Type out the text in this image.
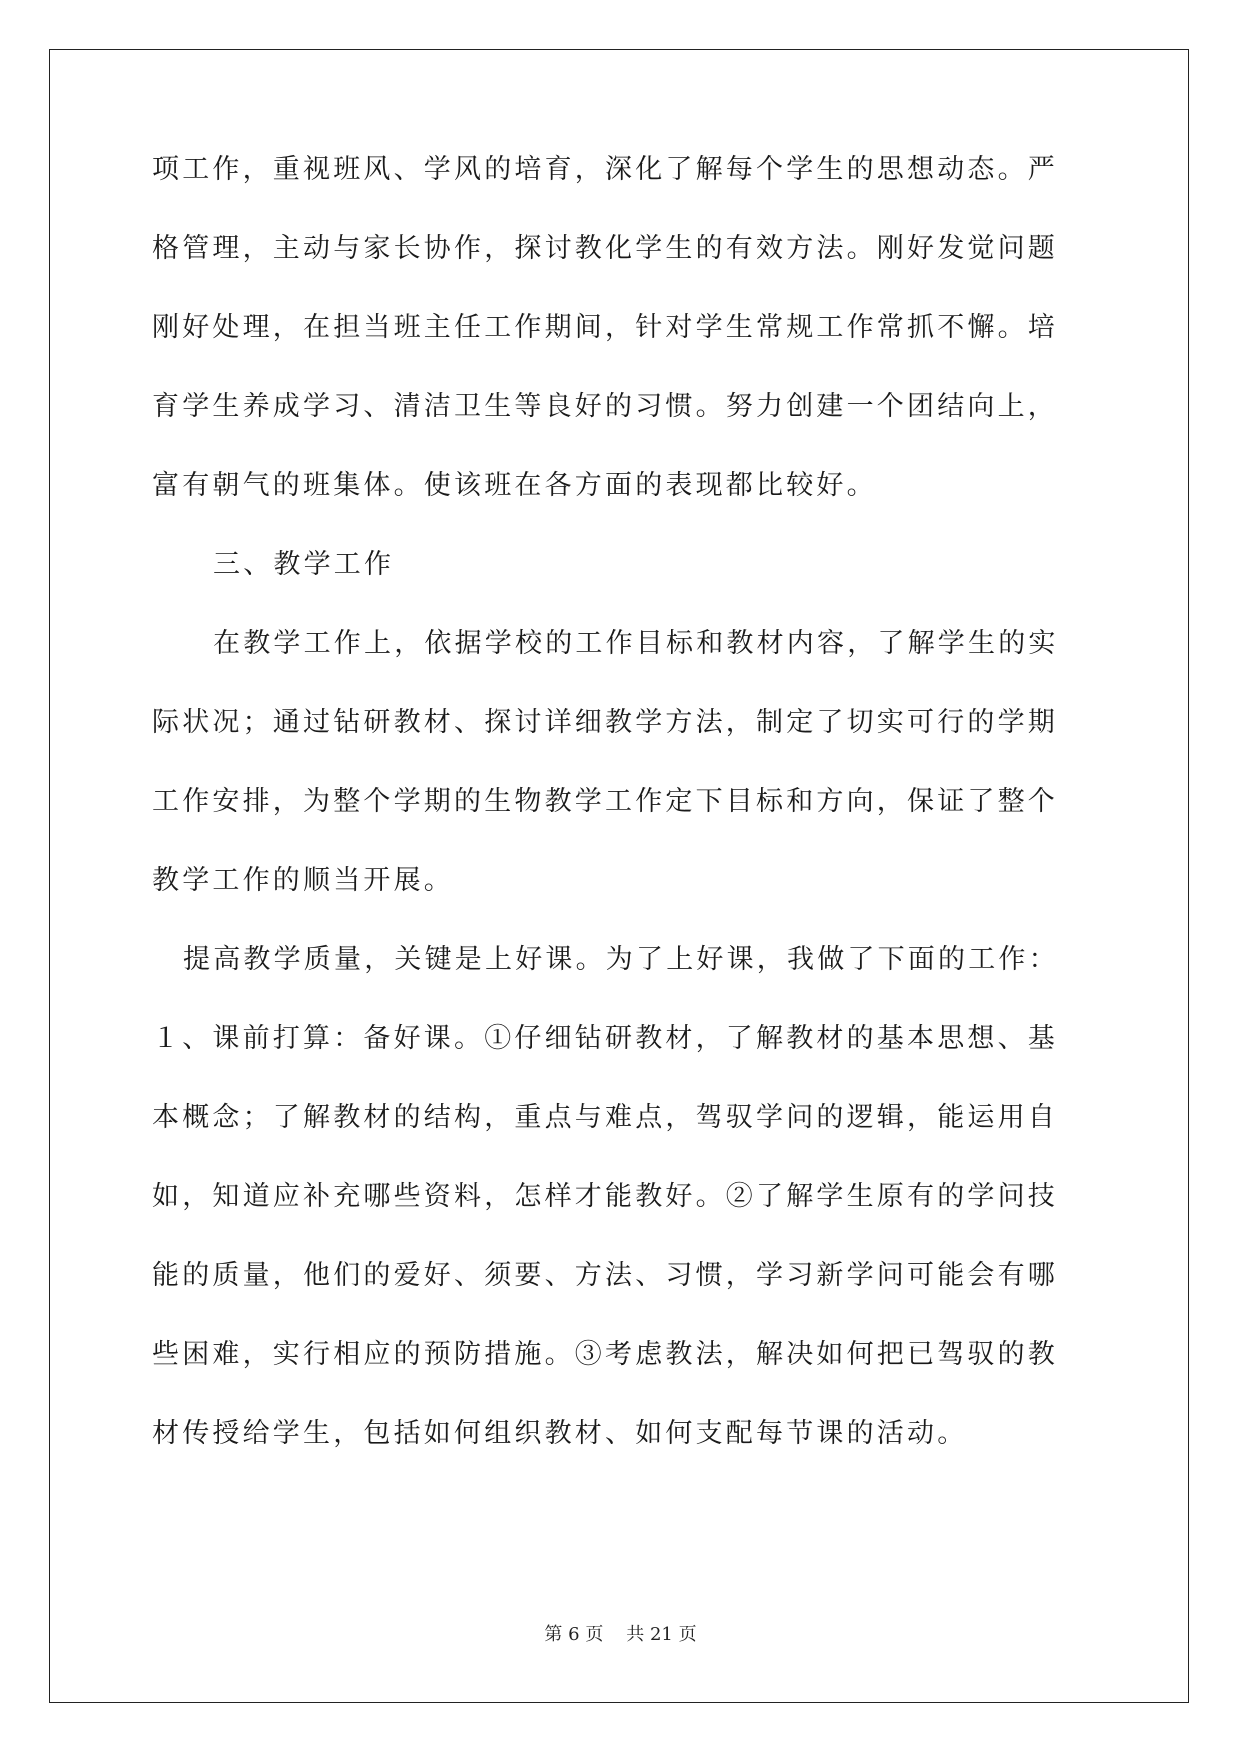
项工作，重视班风、学风的培育，深化了解每个学生的思想动态。严
格管理，主动与家长协作，探讨教化学生的有效方法。刚好发觉问题
刚好处理，在担当班主任工作期间，针对学生常规工作常抓不懈。培
育学生养成学习、清洁卫生等良好的习惯。努力创建一个团结向上，
富有朝气的班集体。使该班在各方面的表现都比较好。
三、教学工作
在教学工作上，依据学校的工作目标和教材内容，了解学生的实
际状况；通过钻研教材、探讨详细教学方法，制定了切实可行的学期
工作安排，为整个学期的生物教学工作定下目标和方向，保证了整个
教学工作的顺当开展。
提高教学质量，关键是上好课。为了上好课，我做了下面的工作：
１、课前打算：备好课。①仔细钻研教材，了解教材的基本思想、基
本概念；了解教材的结构，重点与难点，驾驭学问的逻辑，能运用自
如，知道应补充哪些资料，怎样才能教好。②了解学生原有的学问技
能的质量，他们的爱好、须要、方法、习惯，学习新学问可能会有哪
些困难，实行相应的预防措施。③考虑教法，解决如何把已驾驭的教
材传授给学生，包括如何组织教材、如何支配每节课的活动。
第 6 页 共 21 页
